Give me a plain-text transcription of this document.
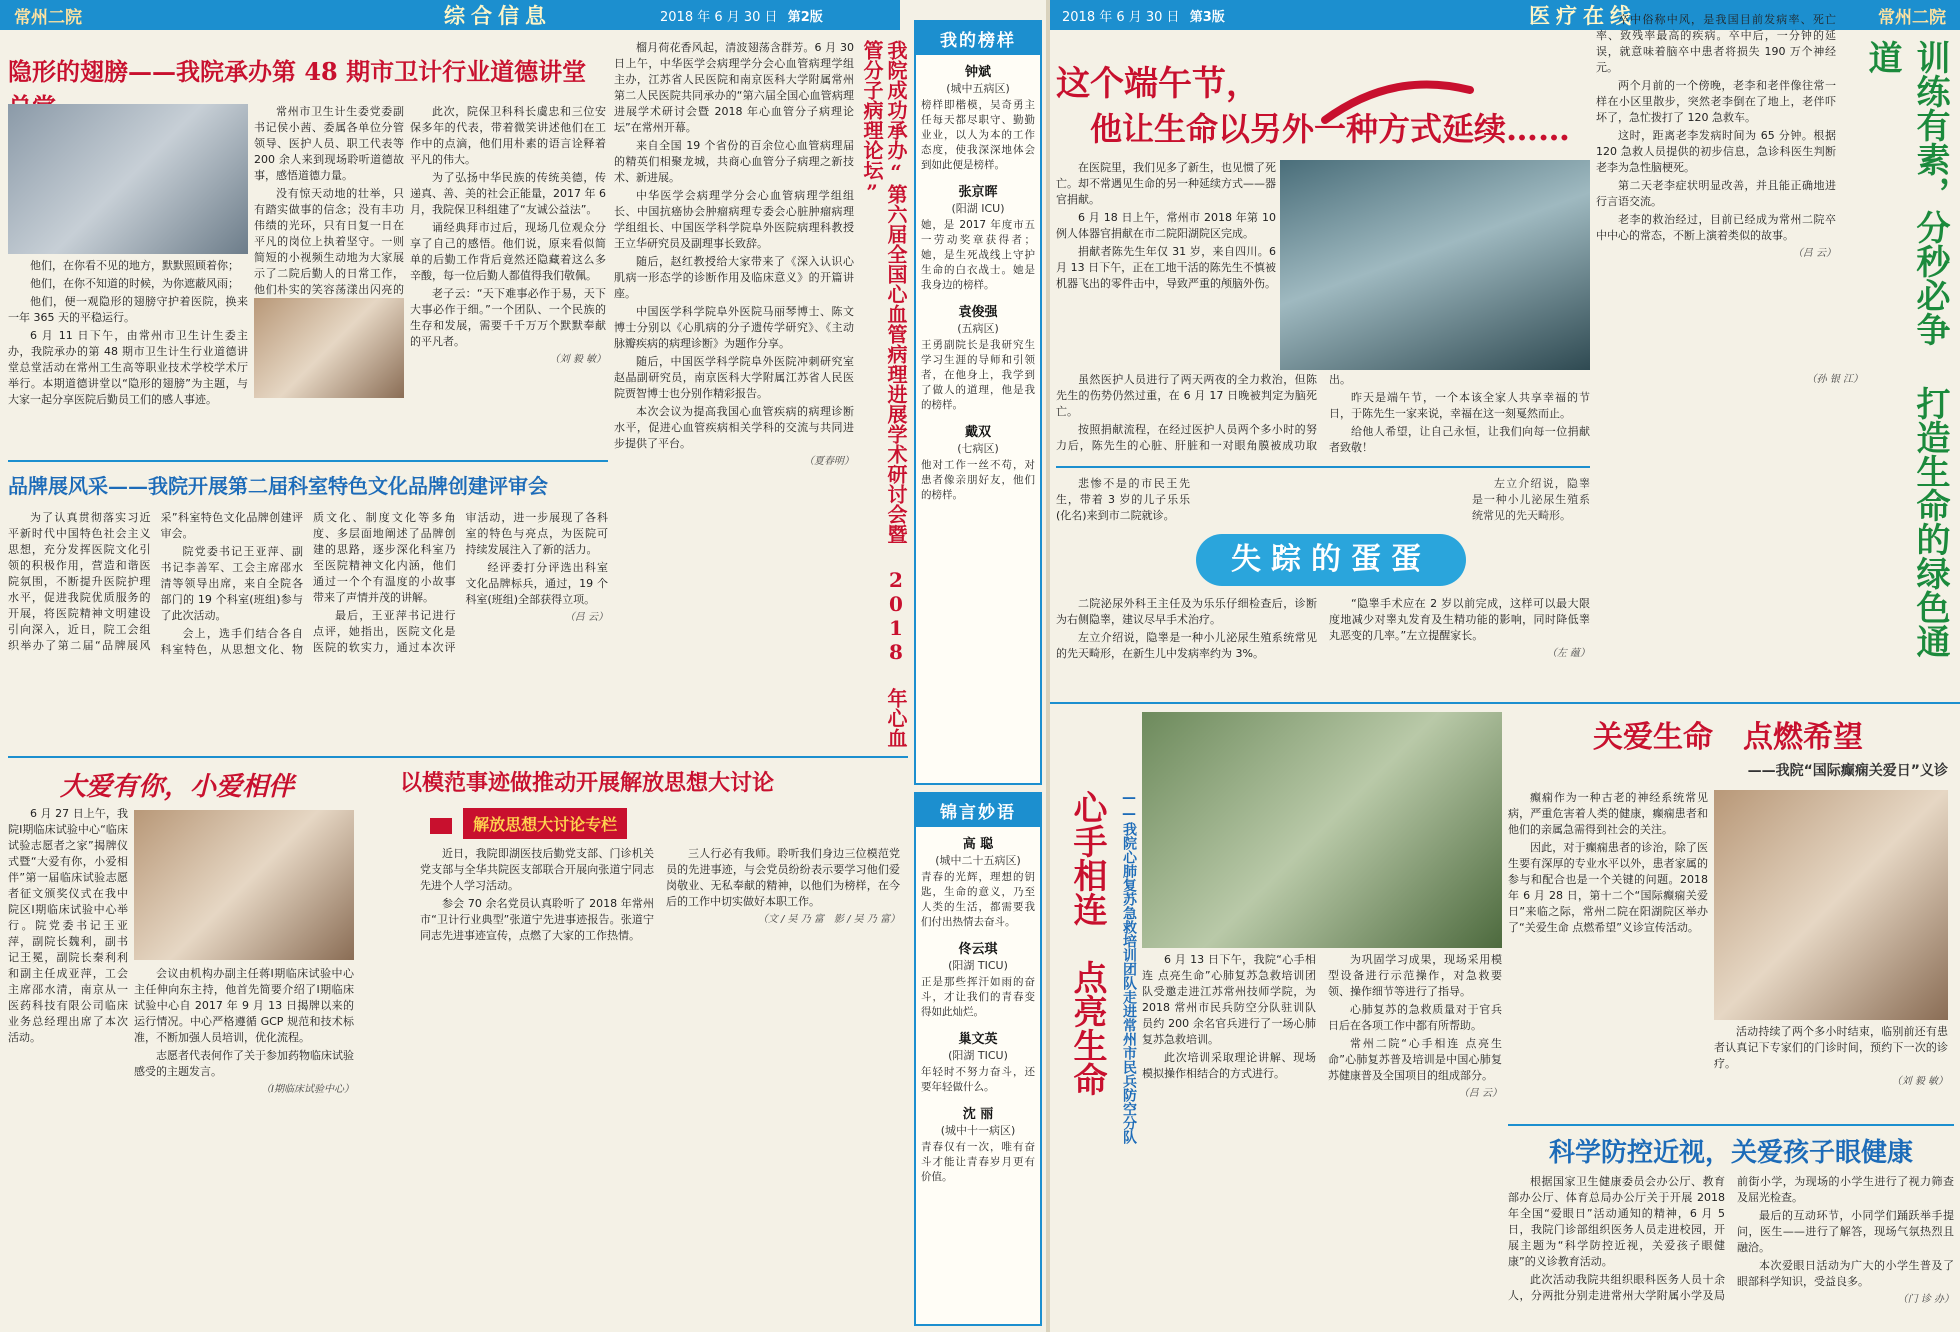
常州二院	综合信息	2018 年 6 月 30 日 第2版	2018 年 6 月 30 日 第3版	医疗在线	常州二院
隐形的翅膀——我院承办第 48 期市卫计行业道德讲堂

他们，在你看不见的地方，默默照顾着你；

他们，在你不知道的时候，为你遮蔽风雨；

他们，便一观隐形的翅膀守护着医院，换来一年 365 天的平稳运行。

6 月 11 日下午，由常州市卫生计生委主办，我院承办的第 48 期市卫生计生行业道德讲堂总堂活动在常州工生高等职业技术学校学术厅举行。本期道德讲堂以“隐形的翅膀”为主题，与大家一起分享医院后勤员工们的感人事迹。

常州市卫生计生委党委副书记侯小茜、委属各单位分管领导、医护人员、职工代表等 200 余人来到现场聆听道德故事，感悟道德力量。

没有惊天动地的壮举，只有踏实做事的信念；没有丰功伟绩的光环，只有日复一日在平凡的岗位上执着坚守。一则简短的小视频生动地为大家展示了二院后勤人的日常工作，他们朴实的笑容荡漾出闪亮的

此次，院保卫科科长虞忠和三位安保多年的代表，带着微笑讲述他们在工作中的点滴，他们用朴素的语言诠释着平凡的伟大。

为了弘扬中华民族的传统美德，传递真、善、美的社会正能量，2017 年 6 月，我院保卫科组建了“友诚公益法”。

诵经典拜市过后，现场几位观众分享了自己的感悟。他们说，原来看似简单的后勤工作背后竟然还隐藏着这么多辛酸，每一位后勤人都值得我们敬佩。

老子云：“天下难事必作于易，天下大事必作于细。”一个团队、一个民族的生存和发展，需要千千万万个默默奉献的平凡者。

（刘 毅 敏）
品牌展风采——我院开展第二届科室特色文化品牌创建评审会

为了认真贯彻落实习近平新时代中国特色社会主义思想，充分发挥医院文化引领的积极作用，营造和谐医院氛围，不断提升医院护理水平，促进我院优质服务的开展，将医院精神文明建设引向深入，近日，院工会组织举办了第二届“品牌展风采”科室特色文化品牌创建评审会。

院党委书记王亚萍、副书记李善军、工会主席邵水清等领导出席，来自全院各部门的 19 个科室(班组)参与了此次活动。

会上，选手们结合各自科室特色，从思想文化、物质文化、制度文化等多角度、多层面地阐述了品牌创建的思路，逐步深化科室乃至医院精神文化内涵，他们通过一个个有温度的小故事带来了声情并茂的讲解。

最后，王亚萍书记进行点评，她指出，医院文化是医院的软实力，通过本次评审活动，进一步展现了各科室的特色与亮点，为医院可持续发展注入了新的活力。

经评委打分评选出科室文化品牌标兵，通过，19 个科室(班组)全部获得立项。

（吕 云）
大爱有你，小爱相伴

6 月 27 日上午，我院Ⅰ期临床试验中心“临床试验志愿者之家”揭牌仪式暨“大爱有你，小爱相伴”第一届临床试验志愿者征文颁奖仪式在我中院区Ⅰ期临床试验中心举行。院党委书记王亚萍，副院长魏利，副书记王冕，副院长秦利利和副主任成亚萍，工会主席邵水清，南京从一医药科技有限公司临床业务总经理出席了本次活动。

会议由机构办副主任蒋Ⅰ期临床试验中心主任伸向东主持，他首先简要介绍了Ⅰ期临床试验中心自 2017 年 9 月 13 日揭牌以来的运行情况。中心严格遵循 GCP 规范和技术标准，不断加强人员培训，优化流程。

志愿者代表何作了关于参加药物临床试验感受的主题发言。

（Ⅰ期临床试验中心）
以模范事迹做推动开展解放思想大讨论
解放思想大讨论专栏

近日，我院即湖医技后勤党支部、门诊机关党支部与全华共院医支部联合开展向张道宁同志先进个人学习活动。

参会 70 余名党员认真聆听了 2018 年常州市“卫计行业典型”张道宁先进事迹报告。张道宁同志先进事迹宣传，点燃了大家的工作热情。

三人行必有我师。聆听我们身边三位模范党员的先进事迹，与会党员纷纷表示要学习他们爱岗敬业、无私奉献的精神，以他们为榜样，在今后的工作中切实做好本职工作。

（文 / 吴 乃 富　影 / 吴 乃 富）

榴月荷花香风起，清波翅荡含群芳。6 月 30 日上午，中华医学会病理学分会心血管病理学组主办，江苏省人民医院和南京医科大学附属常州第二人民医院共同承办的“第六届全国心血管病理进展学术研讨会暨 2018 年心血管分子病理论坛”在常州开幕。

来自全国 19 个省份的百余位心血管病理届的精英们相聚龙城，共商心血管分子病理之新技术、新进展。

中华医学会病理学分会心血管病理学组组长、中国抗癌协会肿瘤病理专委会心脏肿瘤病理学组组长、中国医学科学院阜外医院病理科教授王立华研究员及副理事长致辞。

随后，赵红教授给大家带来了《深入认识心肌病一形态学的诊断作用及临床意义》的开篇讲座。

中国医学科学院阜外医院马丽琴博士、陈文博士分别以《心肌病的分子遗传学研究》、《主动脉瓣疾病的病理诊断》为题作分享。

随后，中国医学科学院阜外医院冲刺研究室赵晶副研究员，南京医科大学附属江苏省人民医院贾智博士也分别作精彩报告。

本次会议为提高我国心血管疾病的病理诊断水平，促进心血管疾病相关学科的交流与共同进步提供了平台。

（夏春明）	我院成功承办“第六届全国心血管病理进展学术研讨会暨 2018 年心血管分子病理论坛”	我的榜样
钟斌
(城中五病区)
榜样即楷模，吴奇勇主任每天都尽职守、勤勤业业，以人为本的工作态度，使我深深地体会到如此便是榜样。
张京晖
(阳湖 ICU)
她，是 2017 年度市五一劳动奖章获得者；她，是生死战线上守护生命的白衣战士。她是我身边的榜样。
袁俊强
(五病区)
王勇副院长是我研究生学习生涯的导师和引领者，在他身上，我学到了做人的道理，他是我的榜样。
戴双
(七病区)
他对工作一丝不苟，对患者像亲朋好友，他们的榜样。
锦言妙语
高 聪
(城中二十五病区)
青春的光辉，理想的钥匙，生命的意义，乃至人类的生活，都需要我们付出热情去奋斗。
佟云琪
(阳湖 TICU)
正是那些挥汗如雨的奋斗，才让我们的青春变得如此灿烂。
巢文英
(阳湖 TICU)
年轻时不努力奋斗，还要年轻做什么。
沈 丽
(城中十一病区)
青春仅有一次，唯有奋斗才能让青春岁月更有价值。
这个端午节，
他让生命以另外一种方式延续……

在医院里，我们见多了新生，也见惯了死亡。却不常遇见生命的另一种延续方式——器官捐献。

6 月 18 日上午，常州市 2018 年第 10 例人体器官捐献在市二院阳湖院区完成。

捐献者陈先生年仅 31 岁，来自四川。6 月 13 日下午，正在工地干活的陈先生不慎被机器飞出的零件击中，导致严重的颅脑外伤。

虽然医护人员进行了两天两夜的全力救治，但陈先生的伤势仍然过重，在 6 月 17 日晚被判定为脑死亡。

按照捐献流程，在经过医护人员两个多小时的努力后，陈先生的心脏、肝脏和一对眼角膜被成功取出。

昨天是端午节，一个本该全家人共享幸福的节日，于陈先生一家来说，幸福在这一刻戛然而止。

给他人希望，让自己永恒，让我们向每一位捐献者致敬！

（孙 银 江）
失踪的蛋蛋

悲惨不是的市民王先生，带着 3 岁的儿子乐乐(化名)来到市二院就诊。

二院泌尿外科王主任及为乐乐仔细检查后，诊断为右侧隐睾，建议尽早手术治疗。

左立介绍说，隐睾是一种小儿泌尿生殖系统常见的先天畸形，在新生儿中发病率约为 3%。

“隐睾手术应在 2 岁以前完成，这样可以最大限度地减少对睾丸发育及生精功能的影响，同时降低睾丸恶变的几率。”左立提醒家长。

（左 蕴）

左立介绍说，隐睾是一种小儿泌尿生殖系统常见的先天畸形。

卒中俗称中风，是我国目前发病率、死亡率、致残率最高的疾病。卒中后，一分钟的延误，就意味着脑卒中患者将损失 190 万个神经元。

两个月前的一个傍晚，老李和老伴像往常一样在小区里散步，突然老李倒在了地上，老伴吓坏了，急忙拨打了 120 急救车。

这时，距离老李发病时间为 65 分钟。根据 120 急救人员提供的初步信息，急诊科医生判断老李为急性脑梗死。

第二天老李症状明显改善，并且能正确地进行言语交流。

老李的救治经过，目前已经成为常州二院卒中中心的常态，不断上演着类似的故事。

（吕 云）	训练有素，分秒必争 打造生命的绿色通道
心手相连　点亮生命	——我院心肺复苏急救培训团队走进常州市民兵防空分队	6 月 13 日下午，我院“心手相连 点亮生命”心肺复苏急救培训团队受邀走进江苏常州技师学院，为 2018 常州市民兵防空分队驻训队员约 200 余名官兵进行了一场心肺复苏急救培训。

此次培训采取理论讲解、现场模拟操作相结合的方式进行。

为巩固学习成果，现场采用模型设备进行示范操作，对急救要领、操作细节等进行了指导。

心肺复苏的急救质量对于官兵日后在各项工作中都有所帮助。

常州二院“心手相连 点亮生命”心肺复苏普及培训是中国心肺复苏健康普及全国项目的组成部分。

（吕 云）
关爱生命　点燃希望
——我院“国际癫痫关爱日”义诊

癫痫作为一种古老的神经系统常见病，严重危害着人类的健康，癫痫患者和他们的亲属急需得到社会的关注。

因此，对于癫痫患者的诊治，除了医生要有深厚的专业水平以外，患者家属的参与和配合也是一个关键的问题。2018 年 6 月 28 日，第十二个“国际癫痫关爱日”来临之际，常州二院在阳湖院区举办了“关爱生命 点燃希望”义诊宣传活动。

活动持续了两个多小时结束，临别前还有患者认真记下专家们的门诊时间，预约下一次的诊疗。

（刘 毅 敏）
科学防控近视，关爱孩子眼健康

根据国家卫生健康委员会办公厅、教育部办公厅、体育总局办公厅关于开展 2018 年全国“爱眼日”活动通知的精神，6 月 5 日，我院门诊部组织医务人员走进校园，开展主题为“科学防控近视，关爱孩子眼健康”的义诊教育活动。

此次活动我院共组织眼科医务人员十余人，分两批分别走进常州大学附属小学及局前街小学，为现场的小学生进行了视力筛查及屈光检查。

最后的互动环节，小同学们踊跃举手提问，医生——进行了解答，现场气氛热烈且融洽。

本次爱眼日活动为广大的小学生普及了眼部科学知识，受益良多。

（门 诊 办）
